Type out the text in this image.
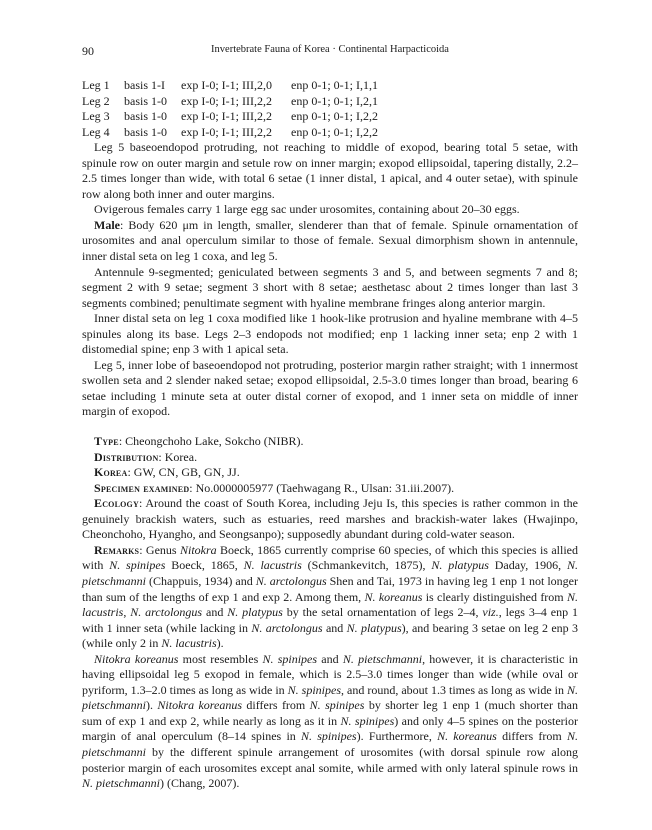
90	Invertebrate Fauna of Korea · Continental Harpacticoida
Leg 1	basis 1-I	exp I-0; I-1; III,2,0	enp 0-1; 0-1; I,1,1
Leg 2	basis 1-0	exp I-0; I-1; III,2,2	enp 0-1; 0-1; I,2,1
Leg 3	basis 1-0	exp I-0; I-1; III,2,2	enp 0-1; 0-1; I,2,2
Leg 4	basis 1-0	exp I-0; I-1; III,2,2	enp 0-1; 0-1; I,2,2

Leg 5 baseoendopod protruding, not reaching to middle of exopod, bearing total 5 setae, with spinule row on outer margin and setule row on inner margin; exopod ellipsoidal, tapering distally, 2.2–2.5 times longer than wide, with total 6 setae (1 inner distal, 1 apical, and 4 outer setae), with spinule row along both inner and outer margins.

Ovigerous females carry 1 large egg sac under urosomites, containing about 20–30 eggs.

Male: Body 620 μm in length, smaller, slenderer than that of female. Spinule ornamentation of urosomites and anal operculum similar to those of female. Sexual dimorphism shown in antennule, inner distal seta on leg 1 coxa, and leg 5.

Antennule 9-segmented; geniculated between segments 3 and 5, and between segments 7 and 8; segment 2 with 9 setae; segment 3 short with 8 setae; aesthetasc about 2 times longer than last 3 segments combined; penultimate segment with hyaline membrane fringes along anterior margin.

Inner distal seta on leg 1 coxa modified like 1 hook-like protrusion and hyaline membrane with 4–5 spinules along its base. Legs 2–3 endopods not modified; enp 1 lacking inner seta; enp 2 with 1 distomedial spine; enp 3 with 1 apical seta.

Leg 5, inner lobe of baseoendopod not protruding, posterior margin rather straight; with 1 innermost swollen seta and 2 slender naked setae; exopod ellipsoidal, 2.5-3.0 times longer than broad, bearing 6 setae including 1 minute seta at outer distal corner of exopod, and 1 inner seta on middle of inner margin of exopod.

Type: Cheongchoho Lake, Sokcho (NIBR).

Distribution: Korea.

Korea: GW, CN, GB, GN, JJ.

Specimen examined: No.0000005977 (Taehwagang R., Ulsan: 31.iii.2007).

Ecology: Around the coast of South Korea, including Jeju Is, this species is rather common in the genuinely brackish waters, such as estuaries, reed marshes and brackish-water lakes (Hwajinpo, Cheonchoho, Hyangho, and Seongsanpo); supposedly abundant during cold-water season.

Remarks: Genus Nitokra Boeck, 1865 currently comprise 60 species, of which this species is allied with N. spinipes Boeck, 1865, N. lacustris (Schmankevitch, 1875), N. platypus Daday, 1906, N. pietschmanni (Chappuis, 1934) and N. arctolongus Shen and Tai, 1973 in having leg 1 enp 1 not longer than sum of the lengths of exp 1 and exp 2. Among them, N. koreanus is clearly distinguished from N. lacustris, N. arctolongus and N. platypus by the setal ornamentation of legs 2–4, viz., legs 3–4 enp 1 with 1 inner seta (while lacking in N. arctolongus and N. platypus), and bearing 3 setae on leg 2 enp 3 (while only 2 in N. lacustris).

Nitokra koreanus most resembles N. spinipes and N. pietschmanni, however, it is characteristic in having ellipsoidal leg 5 exopod in female, which is 2.5–3.0 times longer than wide (while oval or pyriform, 1.3–2.0 times as long as wide in N. spinipes, and round, about 1.3 times as long as wide in N. pietschmanni). Nitokra koreanus differs from N. spinipes by shorter leg 1 enp 1 (much shorter than sum of exp 1 and exp 2, while nearly as long as it in N. spinipes) and only 4–5 spines on the posterior margin of anal operculum (8–14 spines in N. spinipes). Furthermore, N. koreanus differs from N. pietschmanni by the different spinule arrangement of urosomites (with dorsal spinule row along posterior margin of each urosomites except anal somite, while armed with only lateral spinule rows in N. pietschmanni) (Chang, 2007).
